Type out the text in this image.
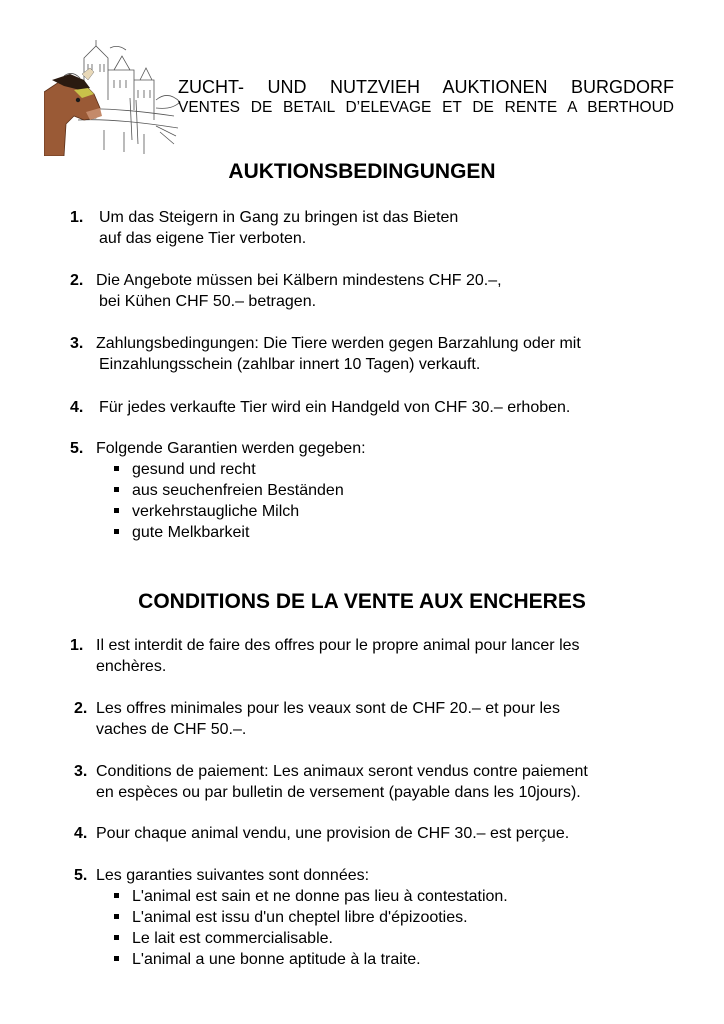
ZUCHT- UND NUTZVIEH AUKTIONEN BURGDORF
VENTES DE BETAIL D’ELEVAGE ET DE RENTE A BERTHOUD
AUKTIONSBEDINGUNGEN
1. Um das Steigern in Gang zu bringen ist das Bieten
auf das eigene Tier verboten.
2. Die Angebote müssen bei Kälbern mindestens CHF 20.–,
bei Kühen CHF 50.– betragen.
3. Zahlungsbedingungen: Die Tiere werden gegen Barzahlung oder mit
Einzahlungsschein (zahlbar innert 10 Tagen) verkauft.
4. Für jedes verkaufte Tier wird ein Handgeld von CHF 30.– erhoben.
5. Folgende Garantien werden gegeben:
gesund und recht
aus seuchenfreien Beständen
verkehrstaugliche Milch
gute Melkbarkeit
CONDITIONS DE LA VENTE AUX ENCHERES
1. Il est interdit de faire des offres pour le propre animal pour lancer les
enchères.
2. Les offres minimales pour les veaux sont de CHF 20.– et pour les
vaches de CHF 50.–.
3. Conditions de paiement: Les animaux seront vendus contre paiement
en espèces ou par bulletin de versement (payable dans les 10jours).
4. Pour chaque animal vendu, une provision de CHF 30.– est perçue.
5. Les garanties suivantes sont données:
L'animal est sain et ne donne pas lieu à contestation.
L'animal est issu d'un cheptel libre d'épizooties.
Le lait est commercialisable.
L'animal a une bonne aptitude à la traite.
